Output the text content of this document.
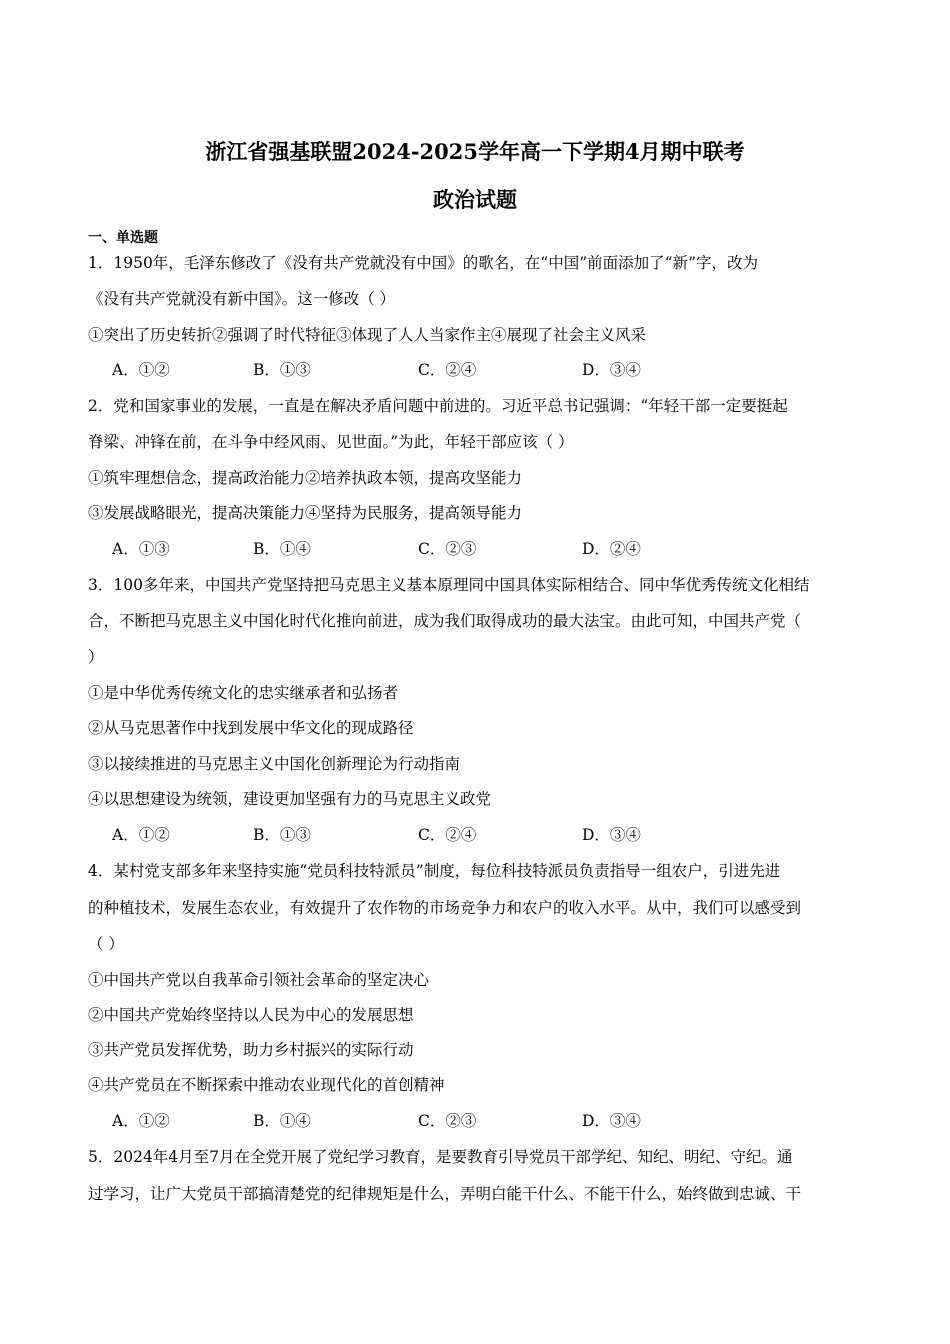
浙江省强基联盟2024-2025学年高一下学期4月期中联考
政治试题
一、单选题
1．1950年，毛泽东修改了《没有共产党就没有中国》的歌名，在“中国”前面添加了“新”字，改为
《没有共产党就没有新中国》。这一修改（ ）
①突出了历史转折②强调了时代特征③体现了人人当家作主④展现了社会主义风采
A．①②	B．①③	C．②④	D．③④
2．党和国家事业的发展，一直是在解决矛盾问题中前进的。习近平总书记强调：“年轻干部一定要挺起
脊梁、冲锋在前，在斗争中经风雨、见世面。”为此，年轻干部应该（ ）
①筑牢理想信念，提高政治能力②培养执政本领，提高攻坚能力
③发展战略眼光，提高决策能力④坚持为民服务，提高领导能力
A．①③	B．①④	C．②③	D．②④
3．100多年来，中国共产党坚持把马克思主义基本原理同中国具体实际相结合、同中华优秀传统文化相结
合，不断把马克思主义中国化时代化推向前进，成为我们取得成功的最大法宝。由此可知，中国共产党（
）
①是中华优秀传统文化的忠实继承者和弘扬者
②从马克思著作中找到发展中华文化的现成路径
③以接续推进的马克思主义中国化创新理论为行动指南
④以思想建设为统领，建设更加坚强有力的马克思主义政党
A．①②	B．①③	C．②④	D．③④
4．某村党支部多年来坚持实施“党员科技特派员”制度，每位科技特派员负责指导一组农户，引进先进
的种植技术，发展生态农业，有效提升了农作物的市场竞争力和农户的收入水平。从中，我们可以感受到
（ ）
①中国共产党以自我革命引领社会革命的坚定决心
②中国共产党始终坚持以人民为中心的发展思想
③共产党员发挥优势，助力乡村振兴的实际行动
④共产党员在不断探索中推动农业现代化的首创精神
A．①②	B．①④	C．②③	D．③④
5．2024年4月至7月在全党开展了党纪学习教育，是要教育引导党员干部学纪、知纪、明纪、守纪。通
过学习，让广大党员干部搞清楚党的纪律规矩是什么，弄明白能干什么、不能干什么，始终做到忠诚、干
